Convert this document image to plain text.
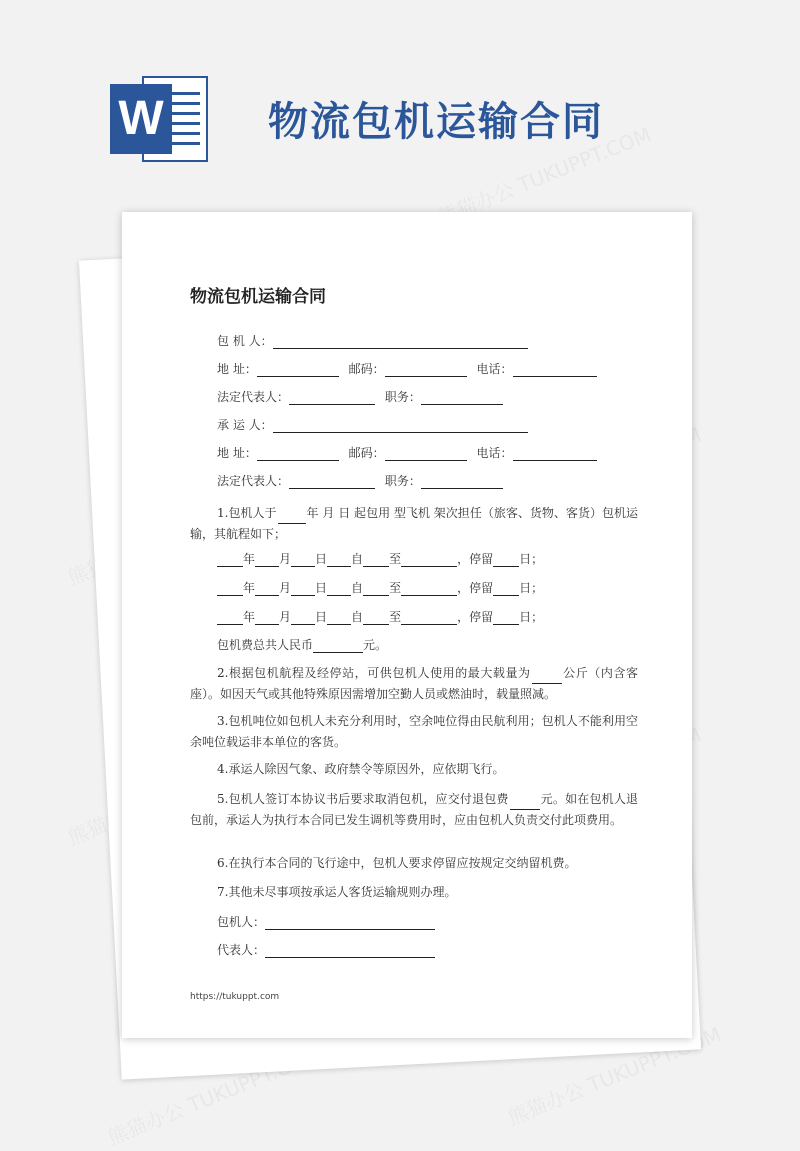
W	物流包机运输合同
物流包机运输合同
包 机 人：
地 址：	邮码：	电话：
法定代表人：	职务：
承 运 人：
地 址：	邮码：	电话：
法定代表人：	职务：
1.包机人于	年 月 日 起包用 型飞机 架次担任（旅客、货物、客货）包机运输，其航程如下；
年 月 日 自 至	，停留 日；
年 月 日 自 至	，停留 日；
年 月 日 自 至	，停留 日；
包机费总共人民币	元。
2.根据包机航程及经停站，可供包机人使用的最大载量为	公斤（内含客座）。如因天气或其他特殊原因需增加空勤人员或燃油时，载量照减。
3.包机吨位如包机人未充分利用时，空余吨位得由民航利用；包机人不能利用空余吨位载运非本单位的客货。
4.承运人除因气象、政府禁令等原因外，应依期飞行。
5.包机人签订本协议书后要求取消包机，应交付退包费	元。如在包机人退包前，承运人为执行本合同已发生调机等费用时，应由包机人负责交付此项费用。
6.在执行本合同的飞行途中，包机人要求停留应按规定交纳留机费。
7.其他未尽事项按承运人客货运输规则办理。
包机人：
代表人：
https://tukuppt.com
